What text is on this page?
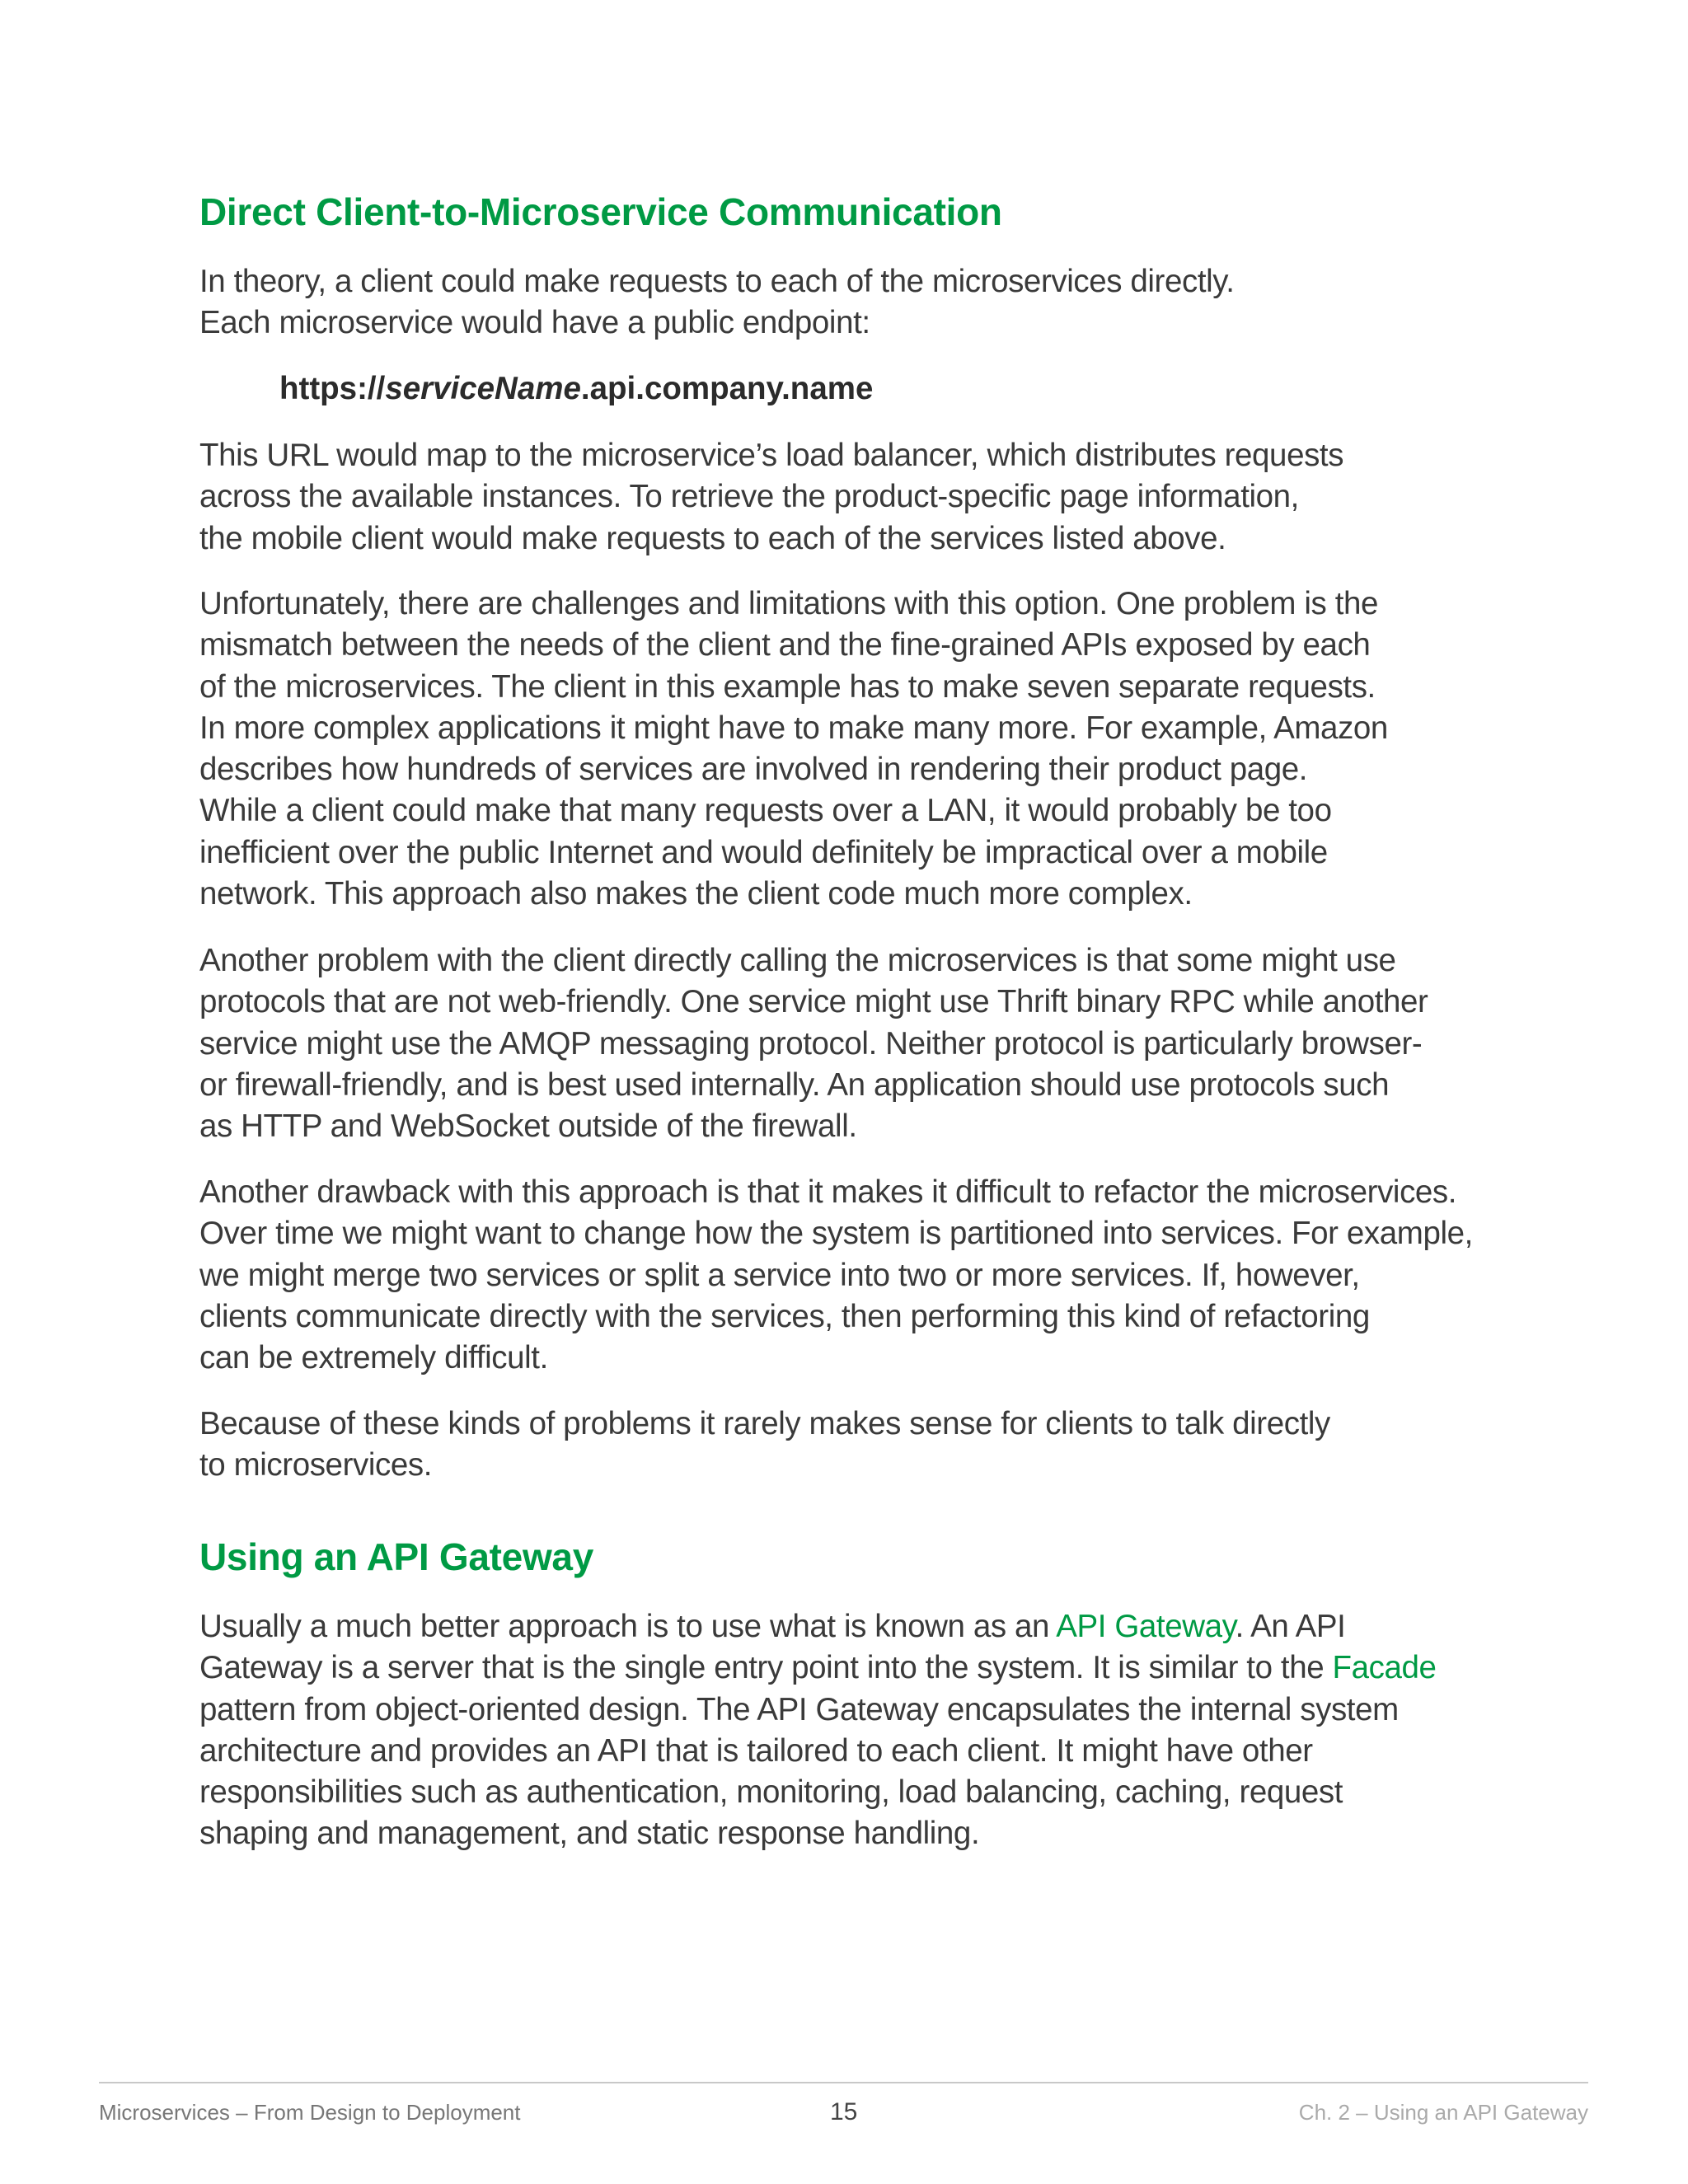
Direct Client-to-Microservice Communication
In theory, a client could make requests to each of the microservices directly.
Each microservice would have a public endpoint:
https://serviceName.api.company.name
This URL would map to the microservice’s load balancer, which distributes requests
across the available instances. To retrieve the product-specific page information,
the mobile client would make requests to each of the services listed above.
Unfortunately, there are challenges and limitations with this option. One problem is the
mismatch between the needs of the client and the fine-grained APIs exposed by each
of the microservices. The client in this example has to make seven separate requests.
In more complex applications it might have to make many more. For example, Amazon
describes how hundreds of services are involved in rendering their product page.
While a client could make that many requests over a LAN, it would probably be too
inefficient over the public Internet and would definitely be impractical over a mobile
network. This approach also makes the client code much more complex.
Another problem with the client directly calling the microservices is that some might use
protocols that are not web-friendly. One service might use Thrift binary RPC while another
service might use the AMQP messaging protocol. Neither protocol is particularly browser-
or firewall-friendly, and is best used internally. An application should use protocols such
as HTTP and WebSocket outside of the firewall.
Another drawback with this approach is that it makes it difficult to refactor the microservices.
Over time we might want to change how the system is partitioned into services. For example,
we might merge two services or split a service into two or more services. If, however,
clients communicate directly with the services, then performing this kind of refactoring
can be extremely difficult.
Because of these kinds of problems it rarely makes sense for clients to talk directly
to microservices.
Using an API Gateway
Usually a much better approach is to use what is known as an API Gateway. An API
Gateway is a server that is the single entry point into the system. It is similar to the Facade
pattern from object-oriented design. The API Gateway encapsulates the internal system
architecture and provides an API that is tailored to each client. It might have other
responsibilities such as authentication, monitoring, load balancing, caching, request
shaping and management, and static response handling.
Microservices – From Design to Deployment	15	Ch. 2 – Using an API Gateway
